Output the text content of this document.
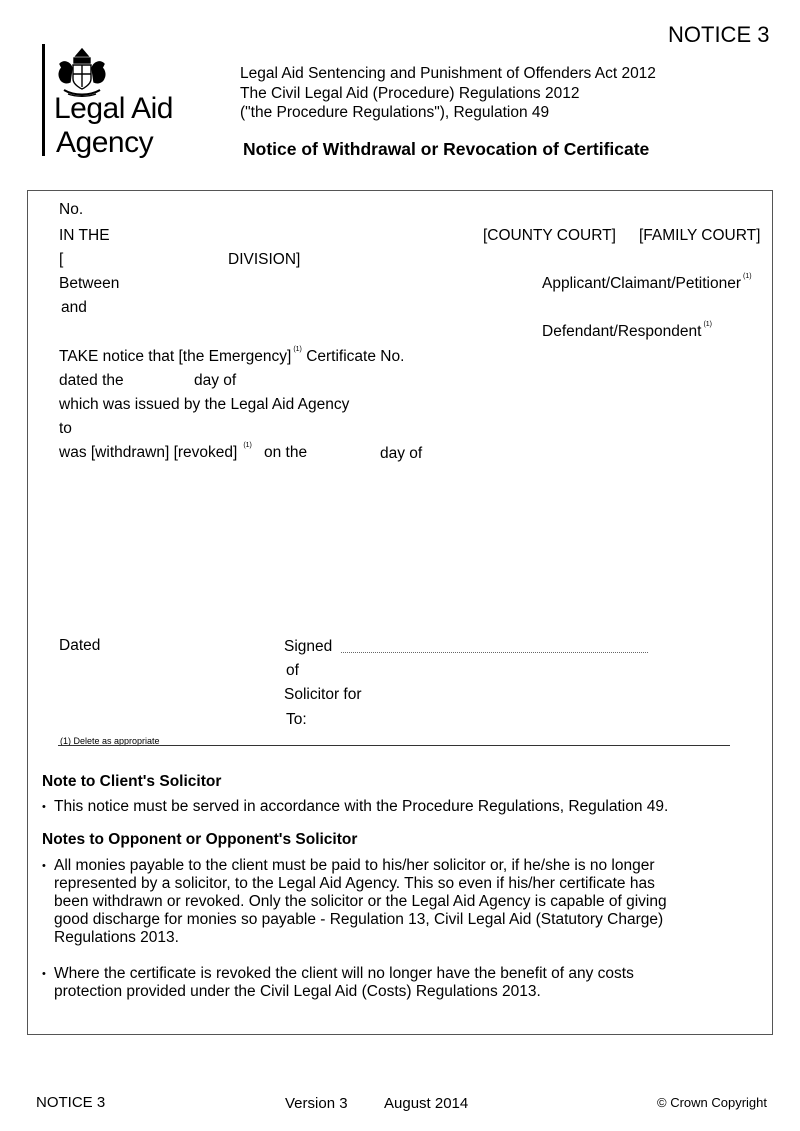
NOTICE 3
Legal Aid
Agency
Legal Aid Sentencing and Punishment of Offenders Act 2012
The Civil Legal Aid (Procedure) Regulations 2012
("the Procedure Regulations"), Regulation 49
Notice of Withdrawal or Revocation of Certificate
No.
IN THE	[COUNTY COURT] [FAMILY COURT]
[	DIVISION]
Between	Applicant/Claimant/Petitioner $^{(1)}$
and
Defendant/Respondent $^{(1)}$
TAKE notice that [the Emergency] $^{(1)}$ Certificate No.
dated the	day of
which was issued by the Legal Aid Agency
to
was [withdrawn] [revoked] $^{(1)}$ on the	day of
Dated	Signed
of
Solicitor for
To:
(1) Delete as appropriate
Note to Client's Solicitor
• This notice must be served in accordance with the Procedure Regulations, Regulation 49.
Notes to Opponent or Opponent's Solicitor
• All monies payable to the client must be paid to his/her solicitor or, if he/she is no longer
represented by a solicitor, to the Legal Aid Agency. This so even if his/her certificate has
been withdrawn or revoked. Only the solicitor or the Legal Aid Agency is capable of giving
good discharge for monies so payable - Regulation 13, Civil Legal Aid (Statutory Charge)
Regulations 2013.
• Where the certificate is revoked the client will no longer have the benefit of any costs
protection provided under the Civil Legal Aid (Costs) Regulations 2013.
NOTICE 3	Version 3 August 2014	© Crown Copyright
